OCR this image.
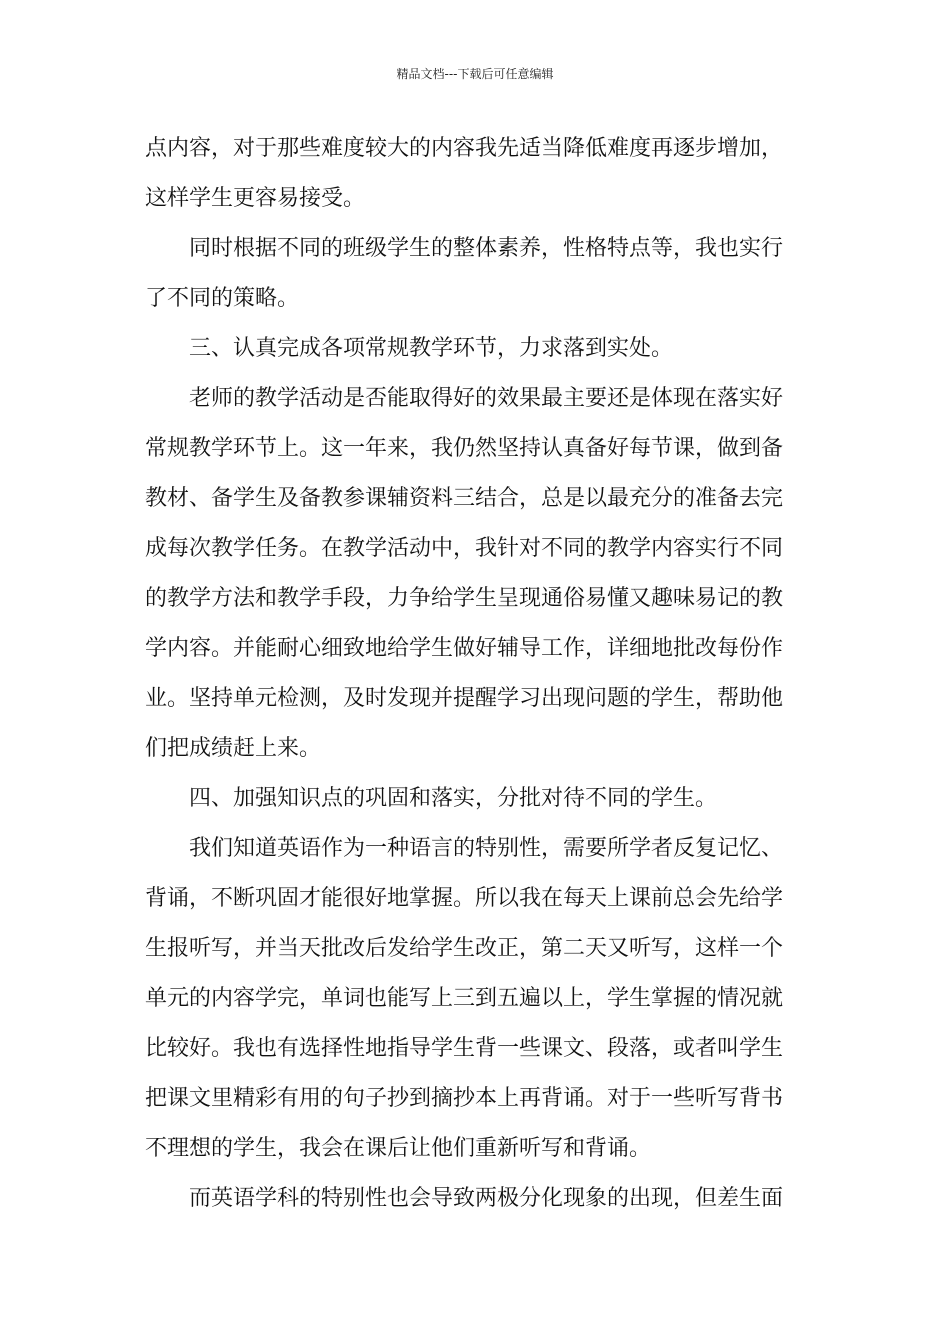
精品文档---下载后可任意编辑
点内容，对于那些难度较大的内容我先适当降低难度再逐步增加，
这样学生更容易接受。
同时根据不同的班级学生的整体素养，性格特点等，我也实行
了不同的策略。
三、认真完成各项常规教学环节，力求落到实处。
老师的教学活动是否能取得好的效果最主要还是体现在落实好
常规教学环节上。这一年来，我仍然坚持认真备好每节课，做到备
教材、备学生及备教参课辅资料三结合，总是以最充分的准备去完
成每次教学任务。在教学活动中，我针对不同的教学内容实行不同
的教学方法和教学手段，力争给学生呈现通俗易懂又趣味易记的教
学内容。并能耐心细致地给学生做好辅导工作，详细地批改每份作
业。坚持单元检测，及时发现并提醒学习出现问题的学生，帮助他
们把成绩赶上来。
四、加强知识点的巩固和落实，分批对待不同的学生。
我们知道英语作为一种语言的特别性，需要所学者反复记忆、
背诵，不断巩固才能很好地掌握。所以我在每天上课前总会先给学
生报听写，并当天批改后发给学生改正，第二天又听写，这样一个
单元的内容学完，单词也能写上三到五遍以上，学生掌握的情况就
比较好。我也有选择性地指导学生背一些课文、段落，或者叫学生
把课文里精彩有用的句子抄到摘抄本上再背诵。对于一些听写背书
不理想的学生，我会在课后让他们重新听写和背诵。
而英语学科的特别性也会导致两极分化现象的出现，但差生面
